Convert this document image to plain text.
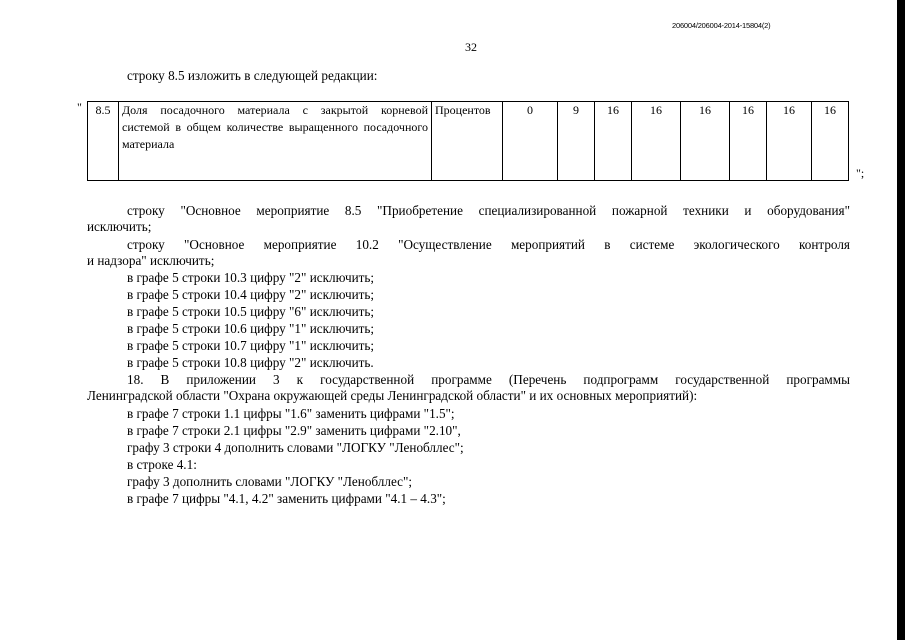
206004/206004-2014-15804(2)
32
строку 8.5 изложить в следующей редакции:
" 8.5	Доля посадочного материала с закрытой корневой системой в общем количестве выращенного посадочного материала	Процентов	0	9	16	16	16	16	16	16
";
строку "Основное мероприятие 8.5 "Приобретение специализированной пожарной техники и оборудования"
исключить;
строку "Основное мероприятие 10.2 "Осуществление мероприятий в системе экологического контроля
и надзора" исключить;
в графе 5 строки 10.3 цифру "2" исключить;
в графе 5 строки 10.4 цифру "2" исключить;
в графе 5 строки 10.5 цифру "6" исключить;
в графе 5 строки 10.6 цифру "1" исключить;
в графе 5 строки 10.7 цифру "1" исключить;
в графе 5 строки 10.8 цифру "2" исключить.
18. В приложении 3 к государственной программе (Перечень подпрограмм государственной программы
Ленинградской области "Охрана окружающей среды Ленинградской области" и их основных мероприятий):
в графе 7 строки 1.1 цифры "1.6" заменить цифрами "1.5";
в графе 7 строки 2.1 цифры "2.9" заменить цифрами "2.10",
графу 3 строки 4 дополнить словами "ЛОГКУ "Ленобллес";
в строке 4.1:
графу 3 дополнить словами "ЛОГКУ "Ленобллес";
в графе 7 цифры "4.1, 4.2" заменить цифрами "4.1 – 4.3";
